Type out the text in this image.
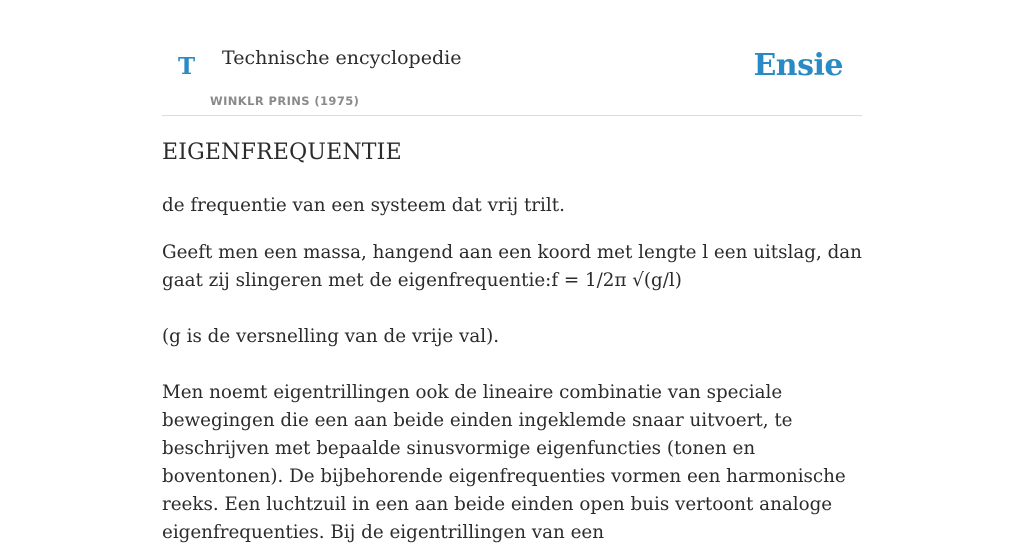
T Technische encyclopedie
WINKLR PRINS (1975)
Ensie
EIGENFREQUENTIE

de frequentie van een systeem dat vrij trilt.

Geeft men een massa, hangend aan een koord met lengte l een uitslag, dan gaat zij slingeren met de eigenfrequentie:f = 1/2π √(g/l)

(g is de versnelling van de vrije val).

Men noemt eigentrillingen ook de lineaire combinatie van speciale bewegingen die een aan beide einden ingeklemde snaar uitvoert, te beschrijven met bepaalde sinusvormige eigenfuncties (tonen en boventonen). De bijbehorende eigenfrequenties vormen een harmonische reeks. Een luchtzuil in een aan beide einden open buis vertoont analoge eigenfrequenties. Bij de eigentrillingen van een
